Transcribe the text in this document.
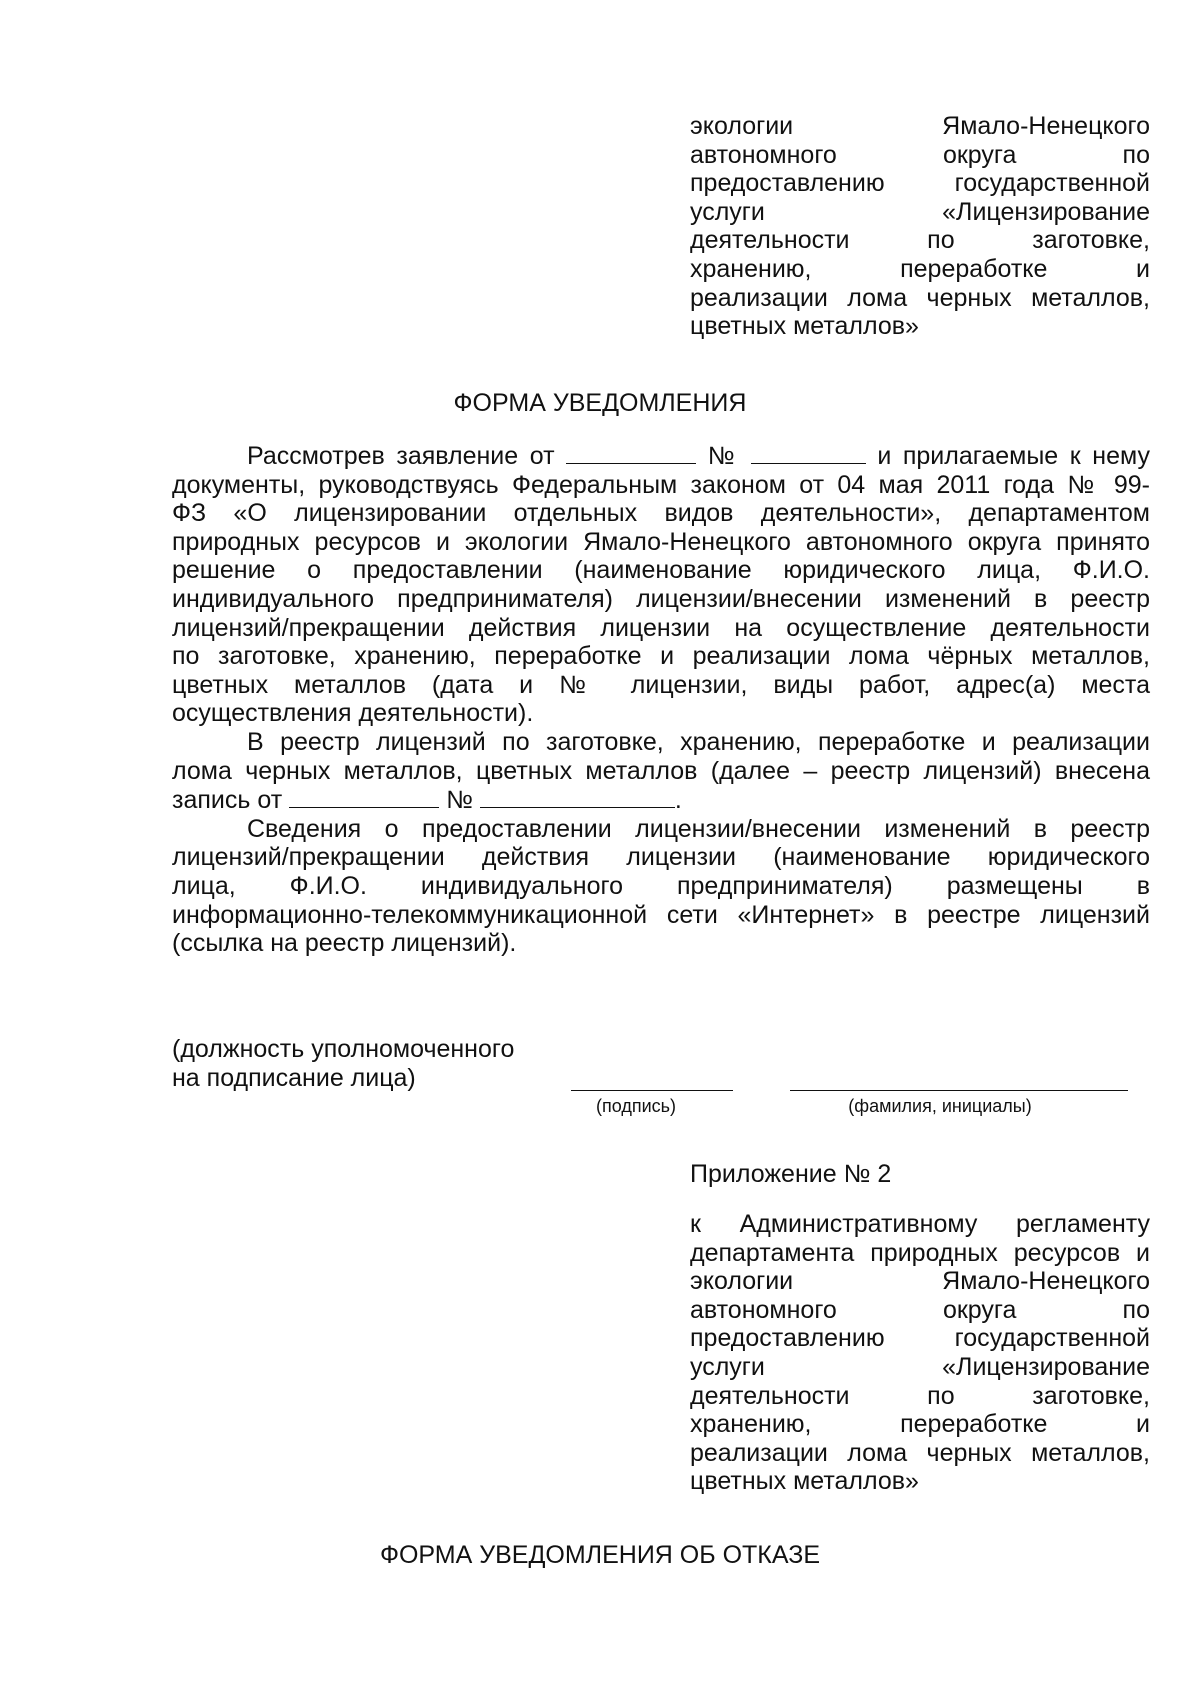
экологии Ямало-Ненецкого
автономного округа по
предоставлению государственной
услуги «Лицензирование
деятельности по заготовке,
хранению, переработке и
реализации лома черных металлов,
цветных металлов»
ФОРМА УВЕДОМЛЕНИЯ
Рассмотрев заявление от	№	и прилагаемые к нему
документы, руководствуясь Федеральным законом от 04 мая 2011 года № 99-
ФЗ «О лицензировании отдельных видов деятельности», департаментом
природных ресурсов и экологии Ямало-Ненецкого автономного округа принято
решение о предоставлении (наименование юридического лица, Ф.И.О.
индивидуального предпринимателя) лицензии/внесении изменений в реестр
лицензий/прекращении действия лицензии на осуществление деятельности
по заготовке, хранению, переработке и реализации лома чёрных металлов,
цветных металлов (дата и № лицензии, виды работ, адрес(а) места
осуществления деятельности).
В реестр лицензий по заготовке, хранению, переработке и реализации
лома черных металлов, цветных металлов (далее – реестр лицензий) внесена
запись от	№	.
Сведения о предоставлении лицензии/внесении изменений в реестр
лицензий/прекращении действия лицензии (наименование юридического
лица, Ф.И.О. индивидуального предпринимателя) размещены в
информационно-телекоммуникационной сети «Интернет» в реестре лицензий
(ссылка на реестр лицензий).
(должность уполномоченного
на подписание лица)
(подпись)	(фамилия, инициалы)
Приложение № 2
к Административному регламенту
департамента природных ресурсов и
экологии Ямало-Ненецкого
автономного округа по
предоставлению государственной
услуги «Лицензирование
деятельности по заготовке,
хранению, переработке и
реализации лома черных металлов,
цветных металлов»
ФОРМА УВЕДОМЛЕНИЯ ОБ ОТКАЗЕ
